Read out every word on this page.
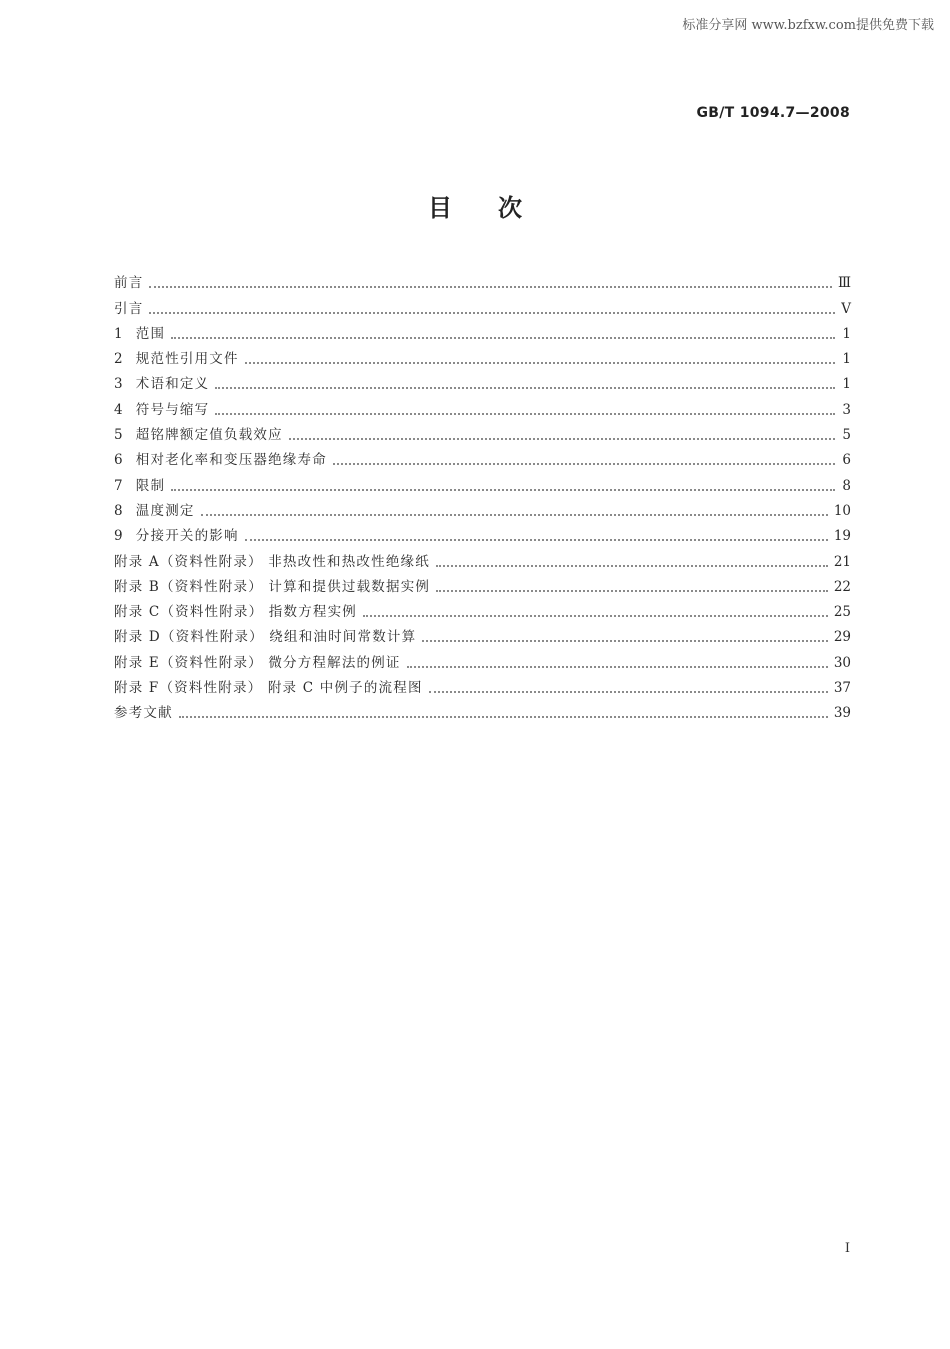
标准分享网 www.bzfxw.com提供免费下载
GB/T 1094.7—2008
目次
前言	Ⅲ
引言	Ⅴ
1 范围	1
2 规范性引用文件	1
3 术语和定义	1
4 符号与缩写	3
5 超铭牌额定值负载效应	5
6 相对老化率和变压器绝缘寿命	6
7 限制	8
8 温度测定	10
9 分接开关的影响	19
附录 A（资料性附录） 非热改性和热改性绝缘纸	21
附录 B（资料性附录） 计算和提供过载数据实例	22
附录 C（资料性附录） 指数方程实例	25
附录 D（资料性附录） 绕组和油时间常数计算	29
附录 E（资料性附录） 微分方程解法的例证	30
附录 F（资料性附录） 附录 C 中例子的流程图	37
参考文献	39
Ⅰ
